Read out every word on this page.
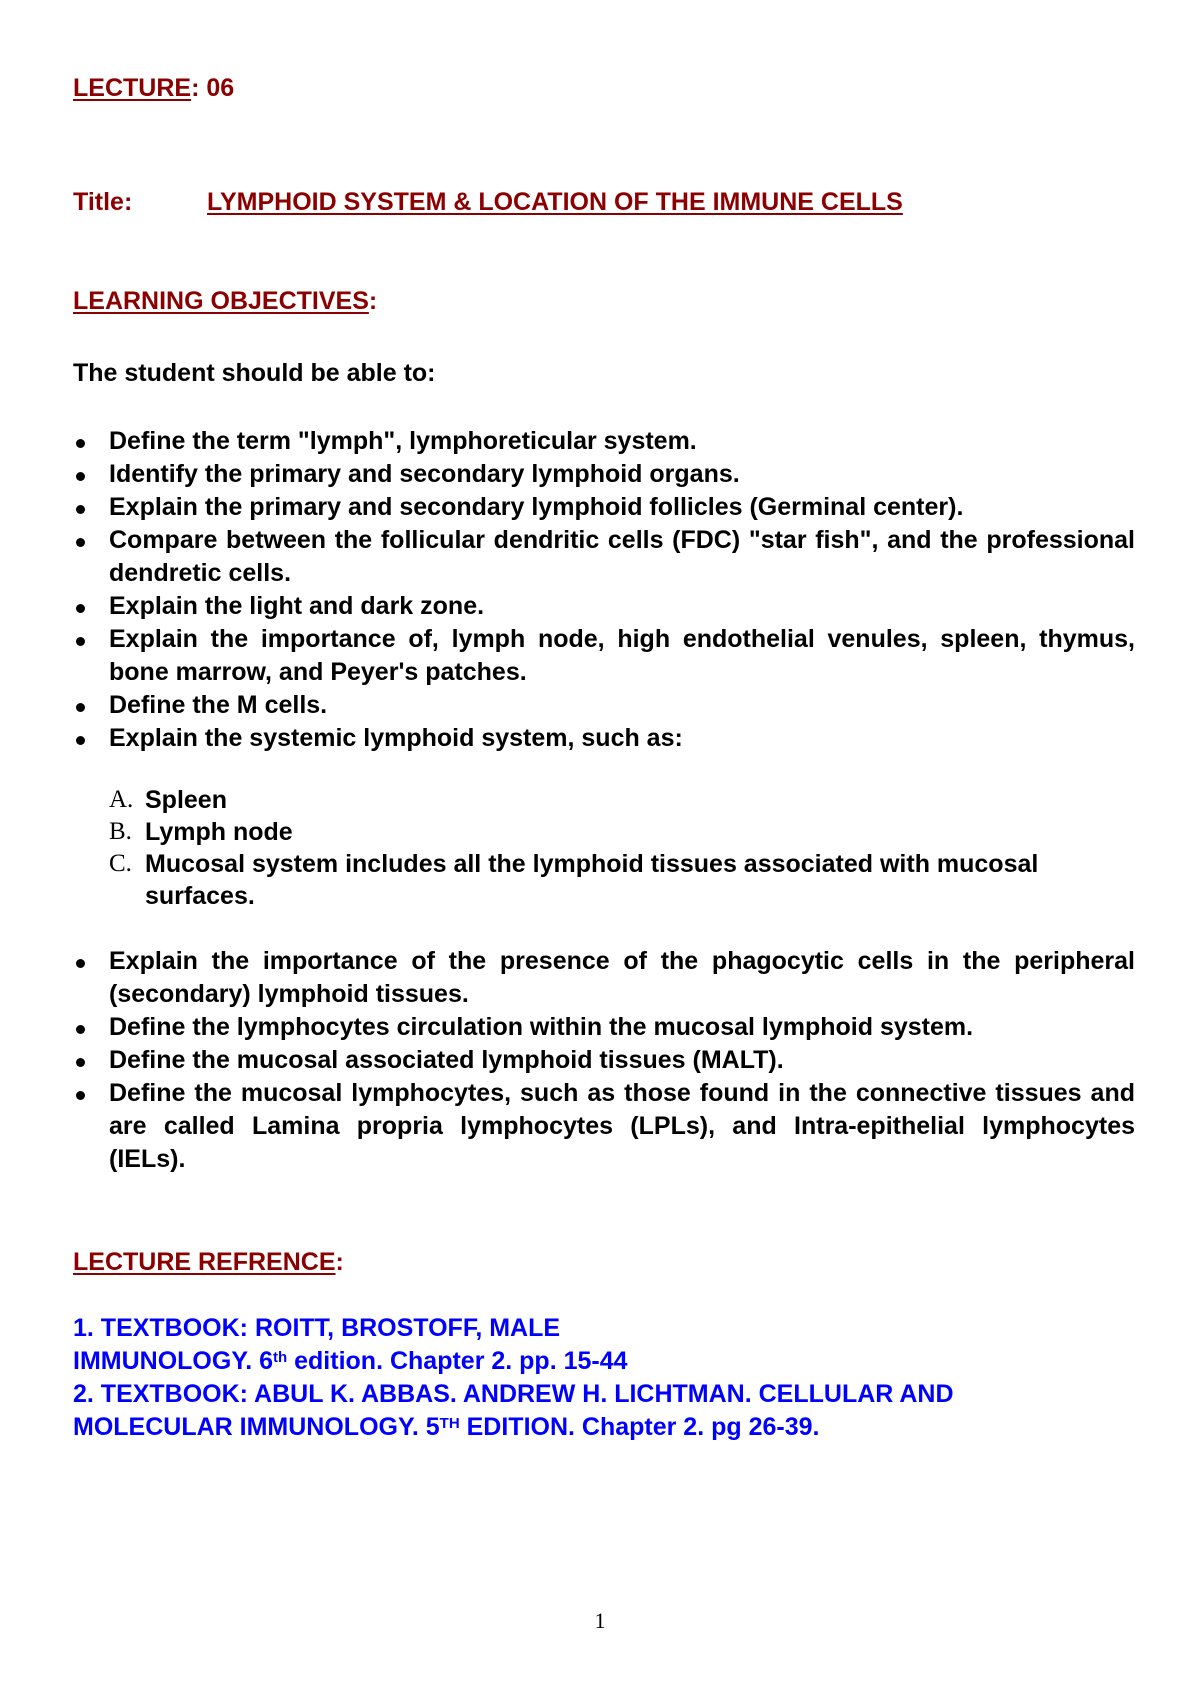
LECTURE: 06
Title:	LYMPHOID SYSTEM & LOCATION OF THE IMMUNE CELLS
LEARNING OBJECTIVES:
The student should be able to:
Define the term "lymph", lymphoreticular system.
Identify the primary and secondary lymphoid organs.
Explain the primary and secondary lymphoid follicles (Germinal center).
Compare between the follicular dendritic cells (FDC) "star fish", and the professional dendretic cells.
Explain the light and dark zone.
Explain the importance of, lymph node, high endothelial venules, spleen, thymus, bone marrow, and Peyer's patches.
Define the M cells.
Explain the systemic lymphoid system, such as:
A. Spleen
B. Lymph node
C. Mucosal system includes all the lymphoid tissues associated with mucosal surfaces.
Explain the importance of the presence of the phagocytic cells in the peripheral (secondary) lymphoid tissues.
Define the lymphocytes circulation within the mucosal lymphoid system.
Define the mucosal associated lymphoid tissues (MALT).
Define the mucosal lymphocytes, such as those found in the connective tissues and are called Lamina propria lymphocytes (LPLs), and Intra-epithelial lymphocytes (IELs).
LECTURE REFRENCE:
1. TEXTBOOK: ROITT, BROSTOFF, MALE
IMMUNOLOGY. 6th edition. Chapter 2. pp. 15-44
2. TEXTBOOK: ABUL K. ABBAS. ANDREW H. LICHTMAN. CELLULAR AND
MOLECULAR IMMUNOLOGY. 5TH EDITION. Chapter 2. pg 26-39.
1
